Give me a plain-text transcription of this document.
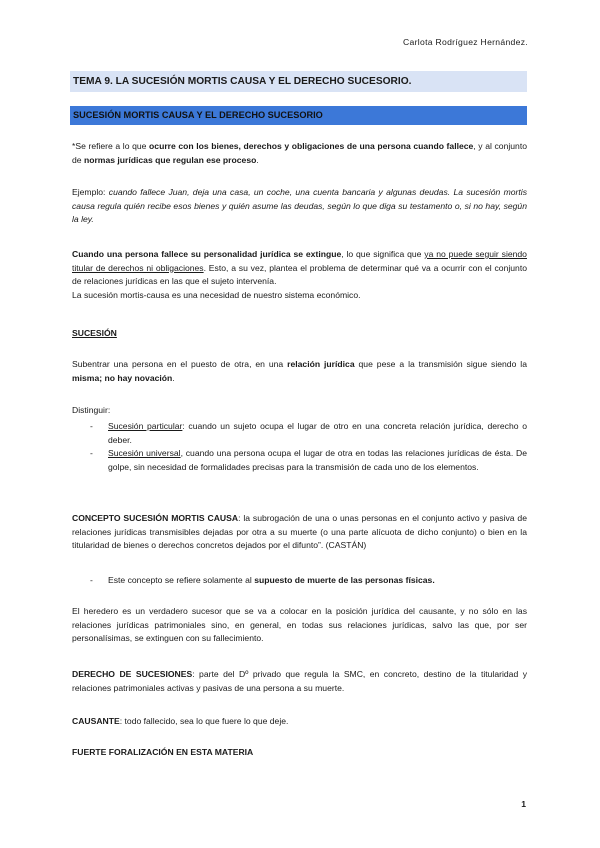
Carlota Rodríguez Hernández.
TEMA 9. LA SUCESIÓN MORTIS CAUSA Y EL DERECHO SUCESORIO.
SUCESIÓN MORTIS CAUSA Y EL DERECHO SUCESORIO
*Se refiere a lo que ocurre con los bienes, derechos y obligaciones de una persona cuando fallece, y al conjunto de normas jurídicas que regulan ese proceso.
Ejemplo: cuando fallece Juan, deja una casa, un coche, una cuenta bancaria y algunas deudas. La sucesión mortis causa regula quién recibe esos bienes y quién asume las deudas, según lo que diga su testamento o, si no hay, según la ley.
Cuando una persona fallece su personalidad jurídica se extingue, lo que significa que ya no puede seguir siendo titular de derechos ni obligaciones. Esto, a su vez, plantea el problema de determinar qué va a ocurrir con el conjunto de relaciones jurídicas en las que el sujeto intervenía.
La sucesión mortis-causa es una necesidad de nuestro sistema económico.
SUCESIÓN
Subentrar una persona en el puesto de otra, en una relación jurídica que pese a la transmisión sigue siendo la misma; no hay novación.
Distinguir:
- Sucesión particular: cuando un sujeto ocupa el lugar de otro en una concreta relación jurídica, derecho o deber.
- Sucesión universal, cuando una persona ocupa el lugar de otra en todas las relaciones jurídicas de ésta. De golpe, sin necesidad de formalidades precisas para la transmisión de cada uno de los elementos.
CONCEPTO SUCESIÓN MORTIS CAUSA: la subrogación de una o unas personas en el conjunto activo y pasiva de relaciones jurídicas transmisibles dejadas por otra a su muerte (o una parte alícuota de dicho conjunto) o bien en la titularidad de bienes o derechos concretos dejados por el difunto”. (CASTÁN)
- Este concepto se refiere solamente al supuesto de muerte de las personas físicas.
El heredero es un verdadero sucesor que se va a colocar en la posición jurídica del causante, y no sólo en las relaciones jurídicas patrimoniales sino, en general, en todas sus relaciones jurídicas, salvo las que, por ser personalísimas, se extinguen con su fallecimiento.
DERECHO DE SUCESIONES: parte del Dº privado que regula la SMC, en concreto, destino de la titularidad y relaciones patrimoniales activas y pasivas de una persona a su muerte.
CAUSANTE: todo fallecido, sea lo que fuere lo que deje.
FUERTE FORALIZACIÓN EN ESTA MATERIA
1
